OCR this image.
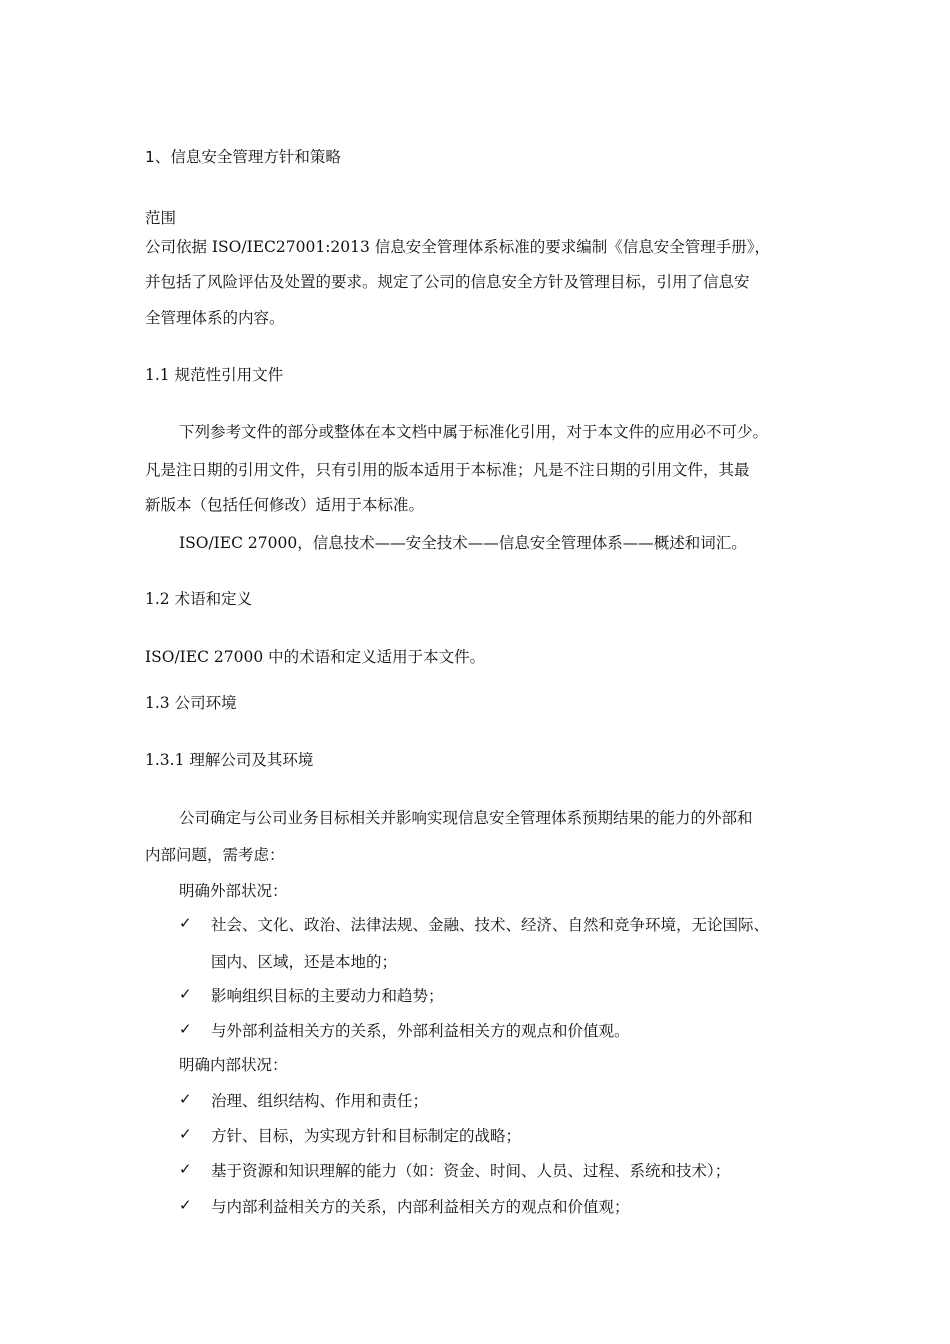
1、信息安全管理方针和策略
范围
公司依据 ISO/IEC27001:2013 信息安全管理体系标准的要求编制《信息安全管理手册》，
并包括了风险评估及处置的要求。规定了公司的信息安全方针及管理目标，引用了信息安
全管理体系的内容。
1.1 规范性引用文件
下列参考文件的部分或整体在本文档中属于标准化引用，对于本文件的应用必不可少。
凡是注日期的引用文件，只有引用的版本适用于本标准；凡是不注日期的引用文件，其最
新版本（包括任何修改）适用于本标准。
ISO/IEC 27000，信息技术——安全技术——信息安全管理体系——概述和词汇。
1.2 术语和定义
ISO/IEC 27000 中的术语和定义适用于本文件。
1.3 公司环境
1.3.1 理解公司及其环境
公司确定与公司业务目标相关并影响实现信息安全管理体系预期结果的能力的外部和
内部问题，需考虑：
明确外部状况：
✓ 社会、文化、政治、法律法规、金融、技术、经济、自然和竞争环境，无论国际、
国内、区域，还是本地的；
✓ 影响组织目标的主要动力和趋势；
✓ 与外部利益相关方的关系，外部利益相关方的观点和价值观。
明确内部状况：
✓ 治理、组织结构、作用和责任；
✓ 方针、目标，为实现方针和目标制定的战略；
✓ 基于资源和知识理解的能力（如：资金、时间、人员、过程、系统和技术）；
✓ 与内部利益相关方的关系，内部利益相关方的观点和价值观；
